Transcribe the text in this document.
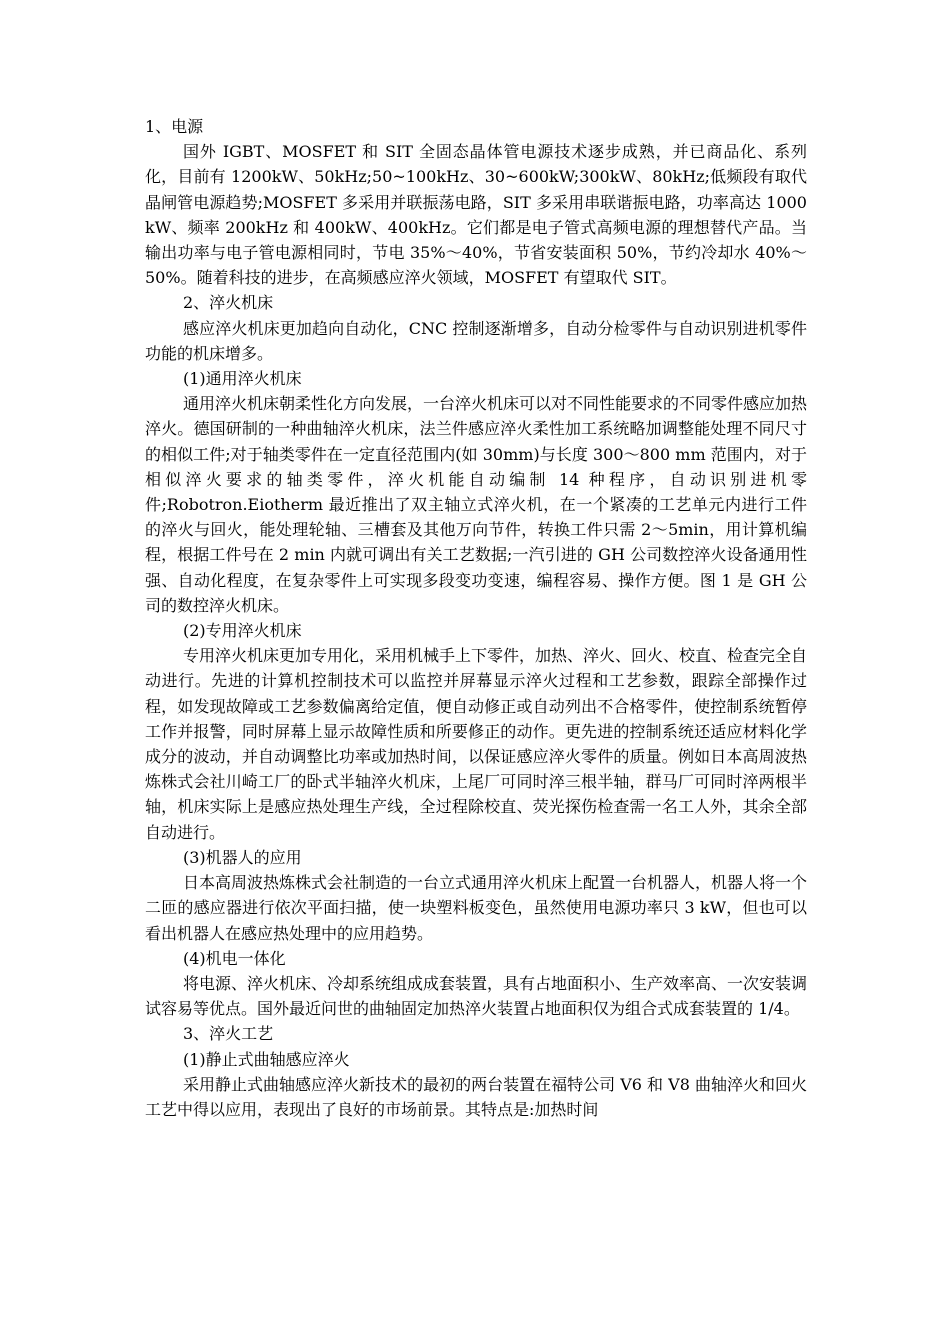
1、电源

国外 IGBT、MOSFET 和 SIT 全固态晶体管电源技术逐步成熟，并已商品化、系列化，目前有 1200kW、50kHz;50~100kHz、30~600kW;300kW、80kHz;低频段有取代晶闸管电源趋势;MOSFET 多采用并联振荡电路，SIT 多采用串联谐振电路，功率高达 1000 kW、频率 200kHz 和 400kW、400kHz。它们都是电子管式高频电源的理想替代产品。当输出功率与电子管电源相同时，节电 35%～40%，节省安装面积 50%，节约冷却水 40%～50%。随着科技的进步，在高频感应淬火领域，MOSFET 有望取代 SIT。

2、淬火机床

感应淬火机床更加趋向自动化，CNC 控制逐渐增多，自动分检零件与自动识别进机零件功能的机床增多。

(1)通用淬火机床

通用淬火机床朝柔性化方向发展，一台淬火机床可以对不同性能要求的不同零件感应加热淬火。德国研制的一种曲轴淬火机床，法兰件感应淬火柔性加工系统略加调整能处理不同尺寸的相似工件;对于轴类零件在一定直径范围内(如 30mm)与长度 300～800 mm 范围内，对于相似淬火要求的轴类零件，淬火机能自动编制 14 种程序，自动识别进机零件;Robotron.Eiotherm 最近推出了双主轴立式淬火机，在一个紧凑的工艺单元内进行工件的淬火与回火，能处理轮轴、三槽套及其他万向节件，转换工件只需 2～5min，用计算机编程，根据工件号在 2 min 内就可调出有关工艺数据;一汽引进的 GH 公司数控淬火设备通用性强、自动化程度，在复杂零件上可实现多段变功变速，编程容易、操作方便。图 1 是 GH 公司的数控淬火机床。

(2)专用淬火机床

专用淬火机床更加专用化，采用机械手上下零件，加热、淬火、回火、校直、检查完全自动进行。先进的计算机控制技术可以监控并屏幕显示淬火过程和工艺参数，跟踪全部操作过程，如发现故障或工艺参数偏离给定值，便自动修正或自动列出不合格零件，使控制系统暂停工作并报警，同时屏幕上显示故障性质和所要修正的动作。更先进的控制系统还适应材料化学成分的波动，并自动调整比功率或加热时间，以保证感应淬火零件的质量。例如日本高周波热炼株式会社川崎工厂的卧式半轴淬火机床，上尾厂可同时淬三根半轴，群马厂可同时淬两根半轴，机床实际上是感应热处理生产线，全过程除校直、荧光探伤检查需一名工人外，其余全部自动进行。

(3)机器人的应用

日本高周波热炼株式会社制造的一台立式通用淬火机床上配置一台机器人，机器人将一个二匝的感应器进行依次平面扫描，使一块塑料板变色，虽然使用电源功率只 3 kW，但也可以看出机器人在感应热处理中的应用趋势。

(4)机电一体化

将电源、淬火机床、冷却系统组成成套装置，具有占地面积小、生产效率高、一次安装调试容易等优点。国外最近问世的曲轴固定加热淬火装置占地面积仅为组合式成套装置的 1/4。

3、淬火工艺

(1)静止式曲轴感应淬火

采用静止式曲轴感应淬火新技术的最初的两台装置在福特公司 V6 和 V8 曲轴淬火和回火工艺中得以应用，表现出了良好的市场前景。其特点是:加热时间
